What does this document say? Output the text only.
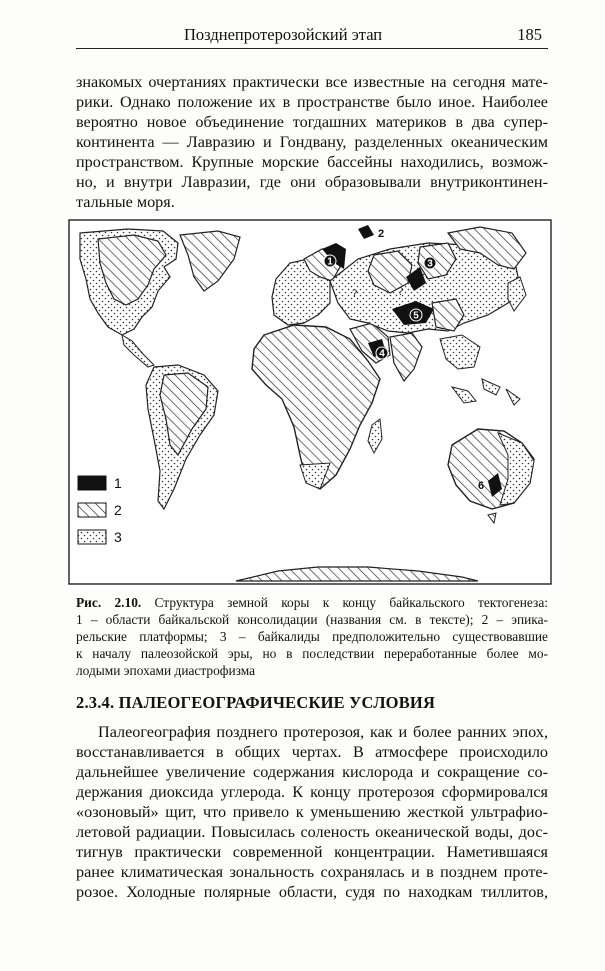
Позднепротерозойский этап	185
знакомых очертаниях практически все известные на сегодня мате-
рики. Однако положение их в пространстве было иное. Наиболее
вероятно новое объединение тогдашних материков в два супер-
континента — Лавразию и Гондвану, разделенных океаническим
пространством. Крупные морские бассейны находились, возмож-
но, и внутри Лавразии, где они образовывали внутриконтинен-
тальные моря.
1
2
3
5
4
6
?	?
1
2
3
Рис. 2.10. Структура земной коры к концу байкальского тектогенеза:
1 – области байкальской консолидации (названия см. в тексте); 2 – эпика-
рельские платформы; 3 – байкалиды предположительно существовавшие
к началу палеозойской эры, но в последствии переработанные более мо-
лодыми эпохами диастрофизма
2.3.4. ПАЛЕОГЕОГРАФИЧЕСКИЕ УСЛОВИЯ
Палеогеография позднего протерозоя, как и более ранних эпох,
восстанавливается в общих чертах. В атмосфере происходило
дальнейшее увеличение содержания кислорода и сокращение со-
держания диоксида углерода. К концу протерозоя сформировался
«озоновый» щит, что привело к уменьшению жесткой ультрафио-
летовой радиации. Повысилась соленость океанической воды, дос-
тигнув практически современной концентрации. Наметившаяся
ранее климатическая зональность сохранялась и в позднем проте-
розое. Холодные полярные области, судя по находкам тиллитов,
